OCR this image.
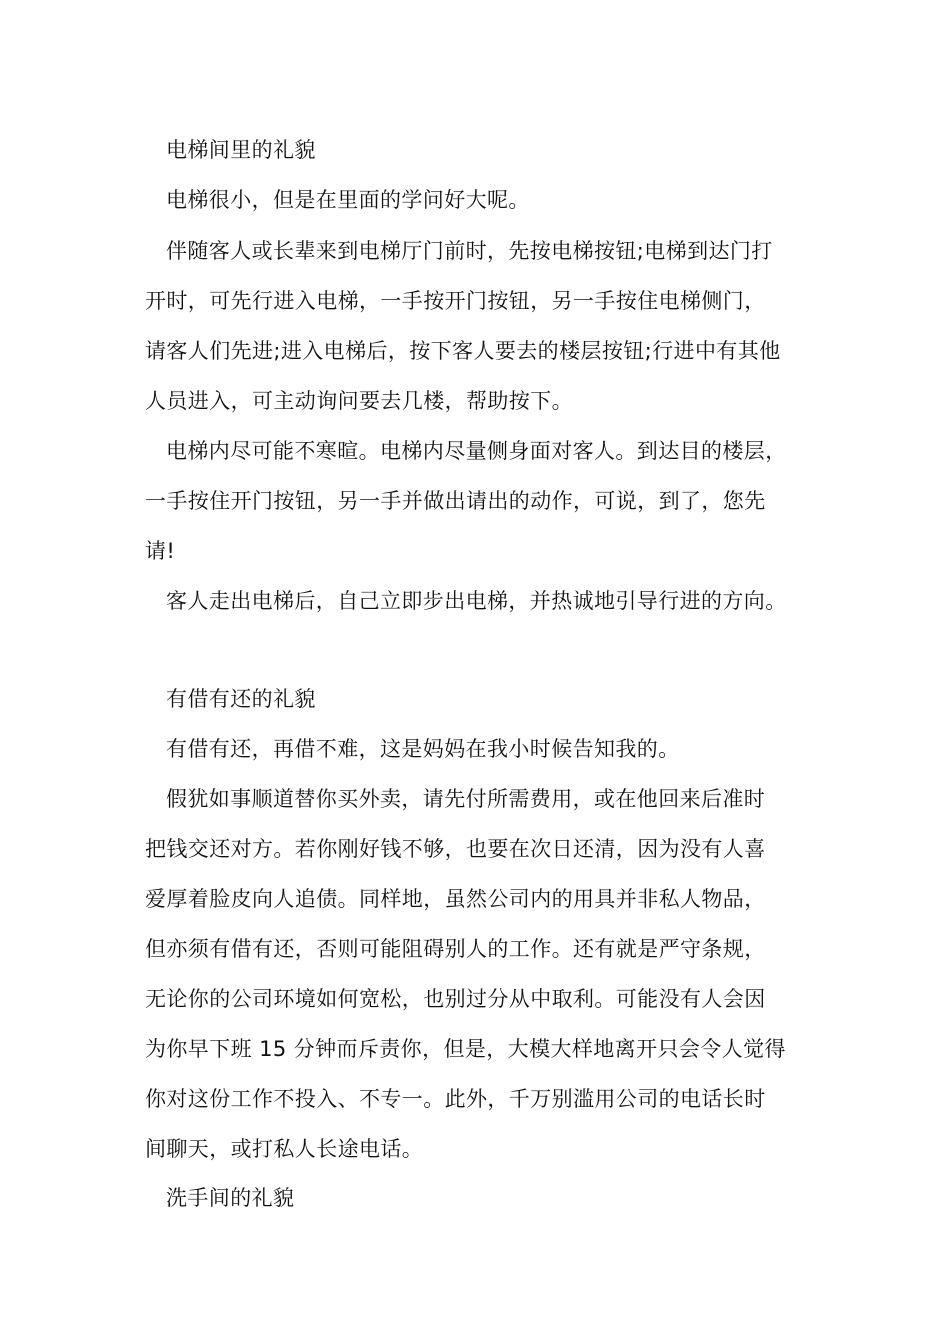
电梯间里的礼貌
电梯很小，但是在里面的学问好大呢。
伴随客人或长辈来到电梯厅门前时，先按电梯按钮;电梯到达门打
开时，可先行进入电梯，一手按开门按钮，另一手按住电梯侧门，
请客人们先进;进入电梯后，按下客人要去的楼层按钮;行进中有其他
人员进入，可主动询问要去几楼，帮助按下。
电梯内尽可能不寒暄。电梯内尽量侧身面对客人。到达目的楼层，
一手按住开门按钮，另一手并做出请出的动作，可说，到了，您先
请!
客人走出电梯后，自己立即步出电梯，并热诚地引导行进的方向。
有借有还的礼貌
有借有还，再借不难，这是妈妈在我小时候告知我的。
假犹如事顺道替你买外卖，请先付所需费用，或在他回来后准时
把钱交还对方。若你刚好钱不够，也要在次日还清，因为没有人喜
爱厚着脸皮向人追债。同样地，虽然公司内的用具并非私人物品，
但亦须有借有还，否则可能阻碍别人的工作。还有就是严守条规，
无论你的公司环境如何宽松，也别过分从中取利。可能没有人会因
为你早下班 15 分钟而斥责你，但是，大模大样地离开只会令人觉得
你对这份工作不投入、不专一。此外，千万别滥用公司的电话长时
间聊天，或打私人长途电话。
洗手间的礼貌
